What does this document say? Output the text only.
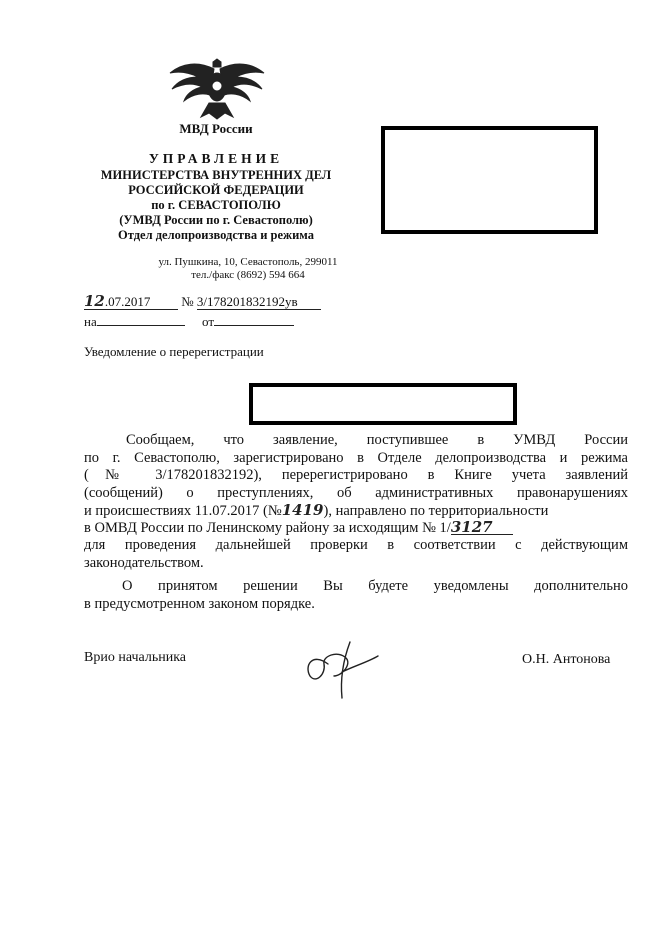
МВД России
УПРАВЛЕНИЕ
МИНИСТЕРСТВА ВНУТРЕННИХ ДЕЛ
РОССИЙСКОЙ ФЕДЕРАЦИИ
по г. СЕВАСТОПОЛЮ
(УМВД России по г. Севастополю)
Отдел делопроизводства и режима
ул. Пушкина, 10, Севастополь, 299011
тел./факс (8692) 594 664
12.07.2017 № 3/178201832192ув
на	от
Уведомление о перерегистрации
Сообщаем, что заявление, поступившее в УМВД России
по г. Севастополю, зарегистрировано в Отделе делопроизводства и режима
(№ 3/178201832192), перерегистрировано в Книге учета заявлений
(сообщений) о преступлениях, об административных правонарушениях
и происшествиях 11.07.2017 (№1419), направлено по территориальности
в ОМВД России по Ленинскому району за исходящим № 1/3127
для проведения дальнейшей проверки в соответствии с действующим
законодательством.
О принятом решении Вы будете уведомлены дополнительно
в предусмотренном законом порядке.
Врио начальника	О.Н. Антонова
